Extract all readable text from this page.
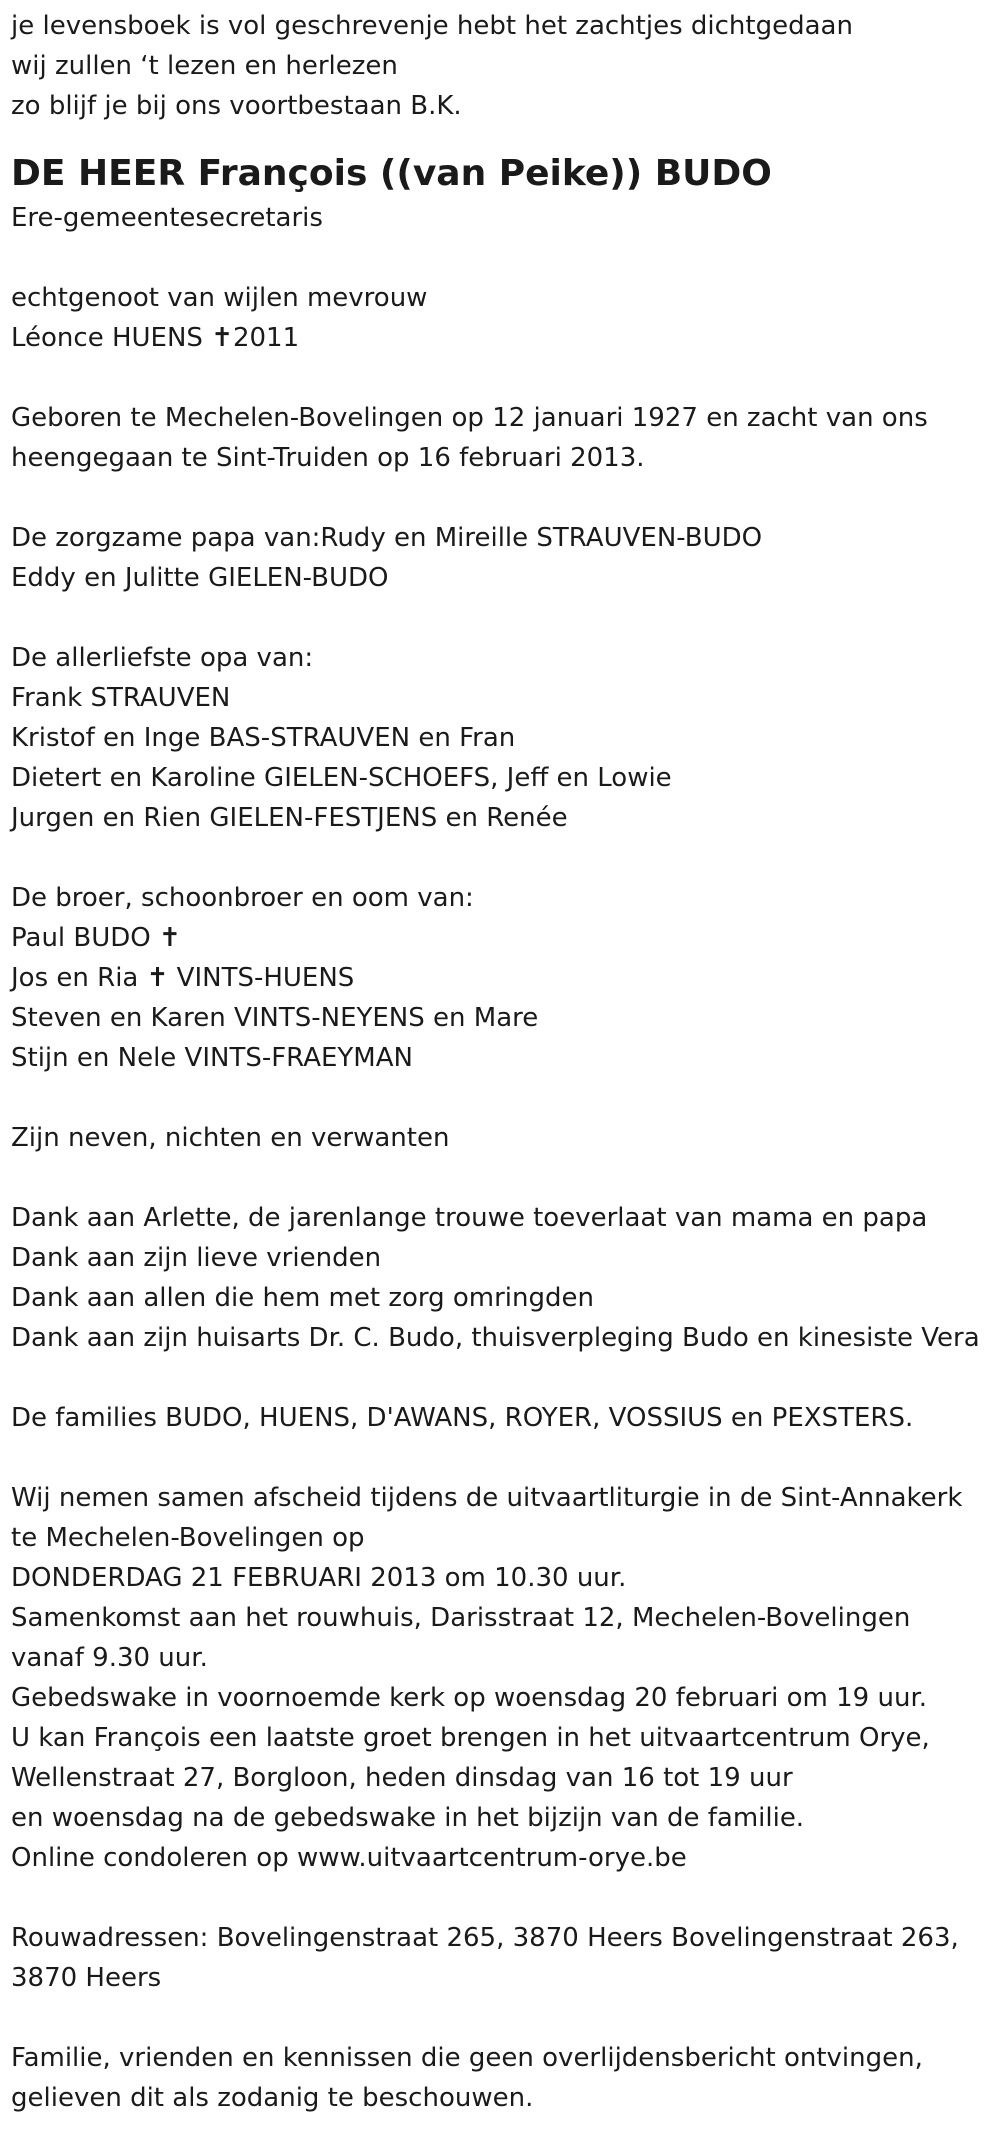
je levensboek is vol geschrevenje hebt het zachtjes dichtgedaan

wij zullen ‘t lezen en herlezen

zo blijf je bij ons voortbestaan B.K.

DE HEER François ((van Peike)) BUDO

Ere-gemeentesecretaris

echtgenoot van wijlen mevrouw

Léonce HUENS ✝2011

Geboren te Mechelen-Bovelingen op 12 januari 1927 en zacht van ons

heengegaan te Sint-Truiden op 16 februari 2013.

De zorgzame papa van:Rudy en Mireille STRAUVEN-BUDO

Eddy en Julitte GIELEN-BUDO

De allerliefste opa van:

Frank STRAUVEN

Kristof en Inge BAS-STRAUVEN en Fran

Dietert en Karoline GIELEN-SCHOEFS, Jeff en Lowie

Jurgen en Rien GIELEN-FESTJENS en Renée

De broer, schoonbroer en oom van:

Paul BUDO ✝

Jos en Ria ✝ VINTS-HUENS

Steven en Karen VINTS-NEYENS en Mare

Stijn en Nele VINTS-FRAEYMAN

Zijn neven, nichten en verwanten

Dank aan Arlette, de jarenlange trouwe toeverlaat van mama en papa

Dank aan zijn lieve vrienden

Dank aan allen die hem met zorg omringden

Dank aan zijn huisarts Dr. C. Budo, thuisverpleging Budo en kinesiste Vera

De families BUDO, HUENS, D'AWANS, ROYER, VOSSIUS en PEXSTERS.

Wij nemen samen afscheid tijdens de uitvaartliturgie in de Sint-Annakerk

te Mechelen-Bovelingen op

DONDERDAG 21 FEBRUARI 2013 om 10.30 uur.

Samenkomst aan het rouwhuis, Darisstraat 12, Mechelen-Bovelingen

vanaf 9.30 uur.

Gebedswake in voornoemde kerk op woensdag 20 februari om 19 uur.

U kan François een laatste groet brengen in het uitvaartcentrum Orye,

Wellenstraat 27, Borgloon, heden dinsdag van 16 tot 19 uur

en woensdag na de gebedswake in het bijzijn van de familie.

Online condoleren op www.uitvaartcentrum-orye.be

Rouwadressen: Bovelingenstraat 265, 3870 Heers Bovelingenstraat 263,

3870 Heers

Familie, vrienden en kennissen die geen overlijdensbericht ontvingen,

gelieven dit als zodanig te beschouwen.
